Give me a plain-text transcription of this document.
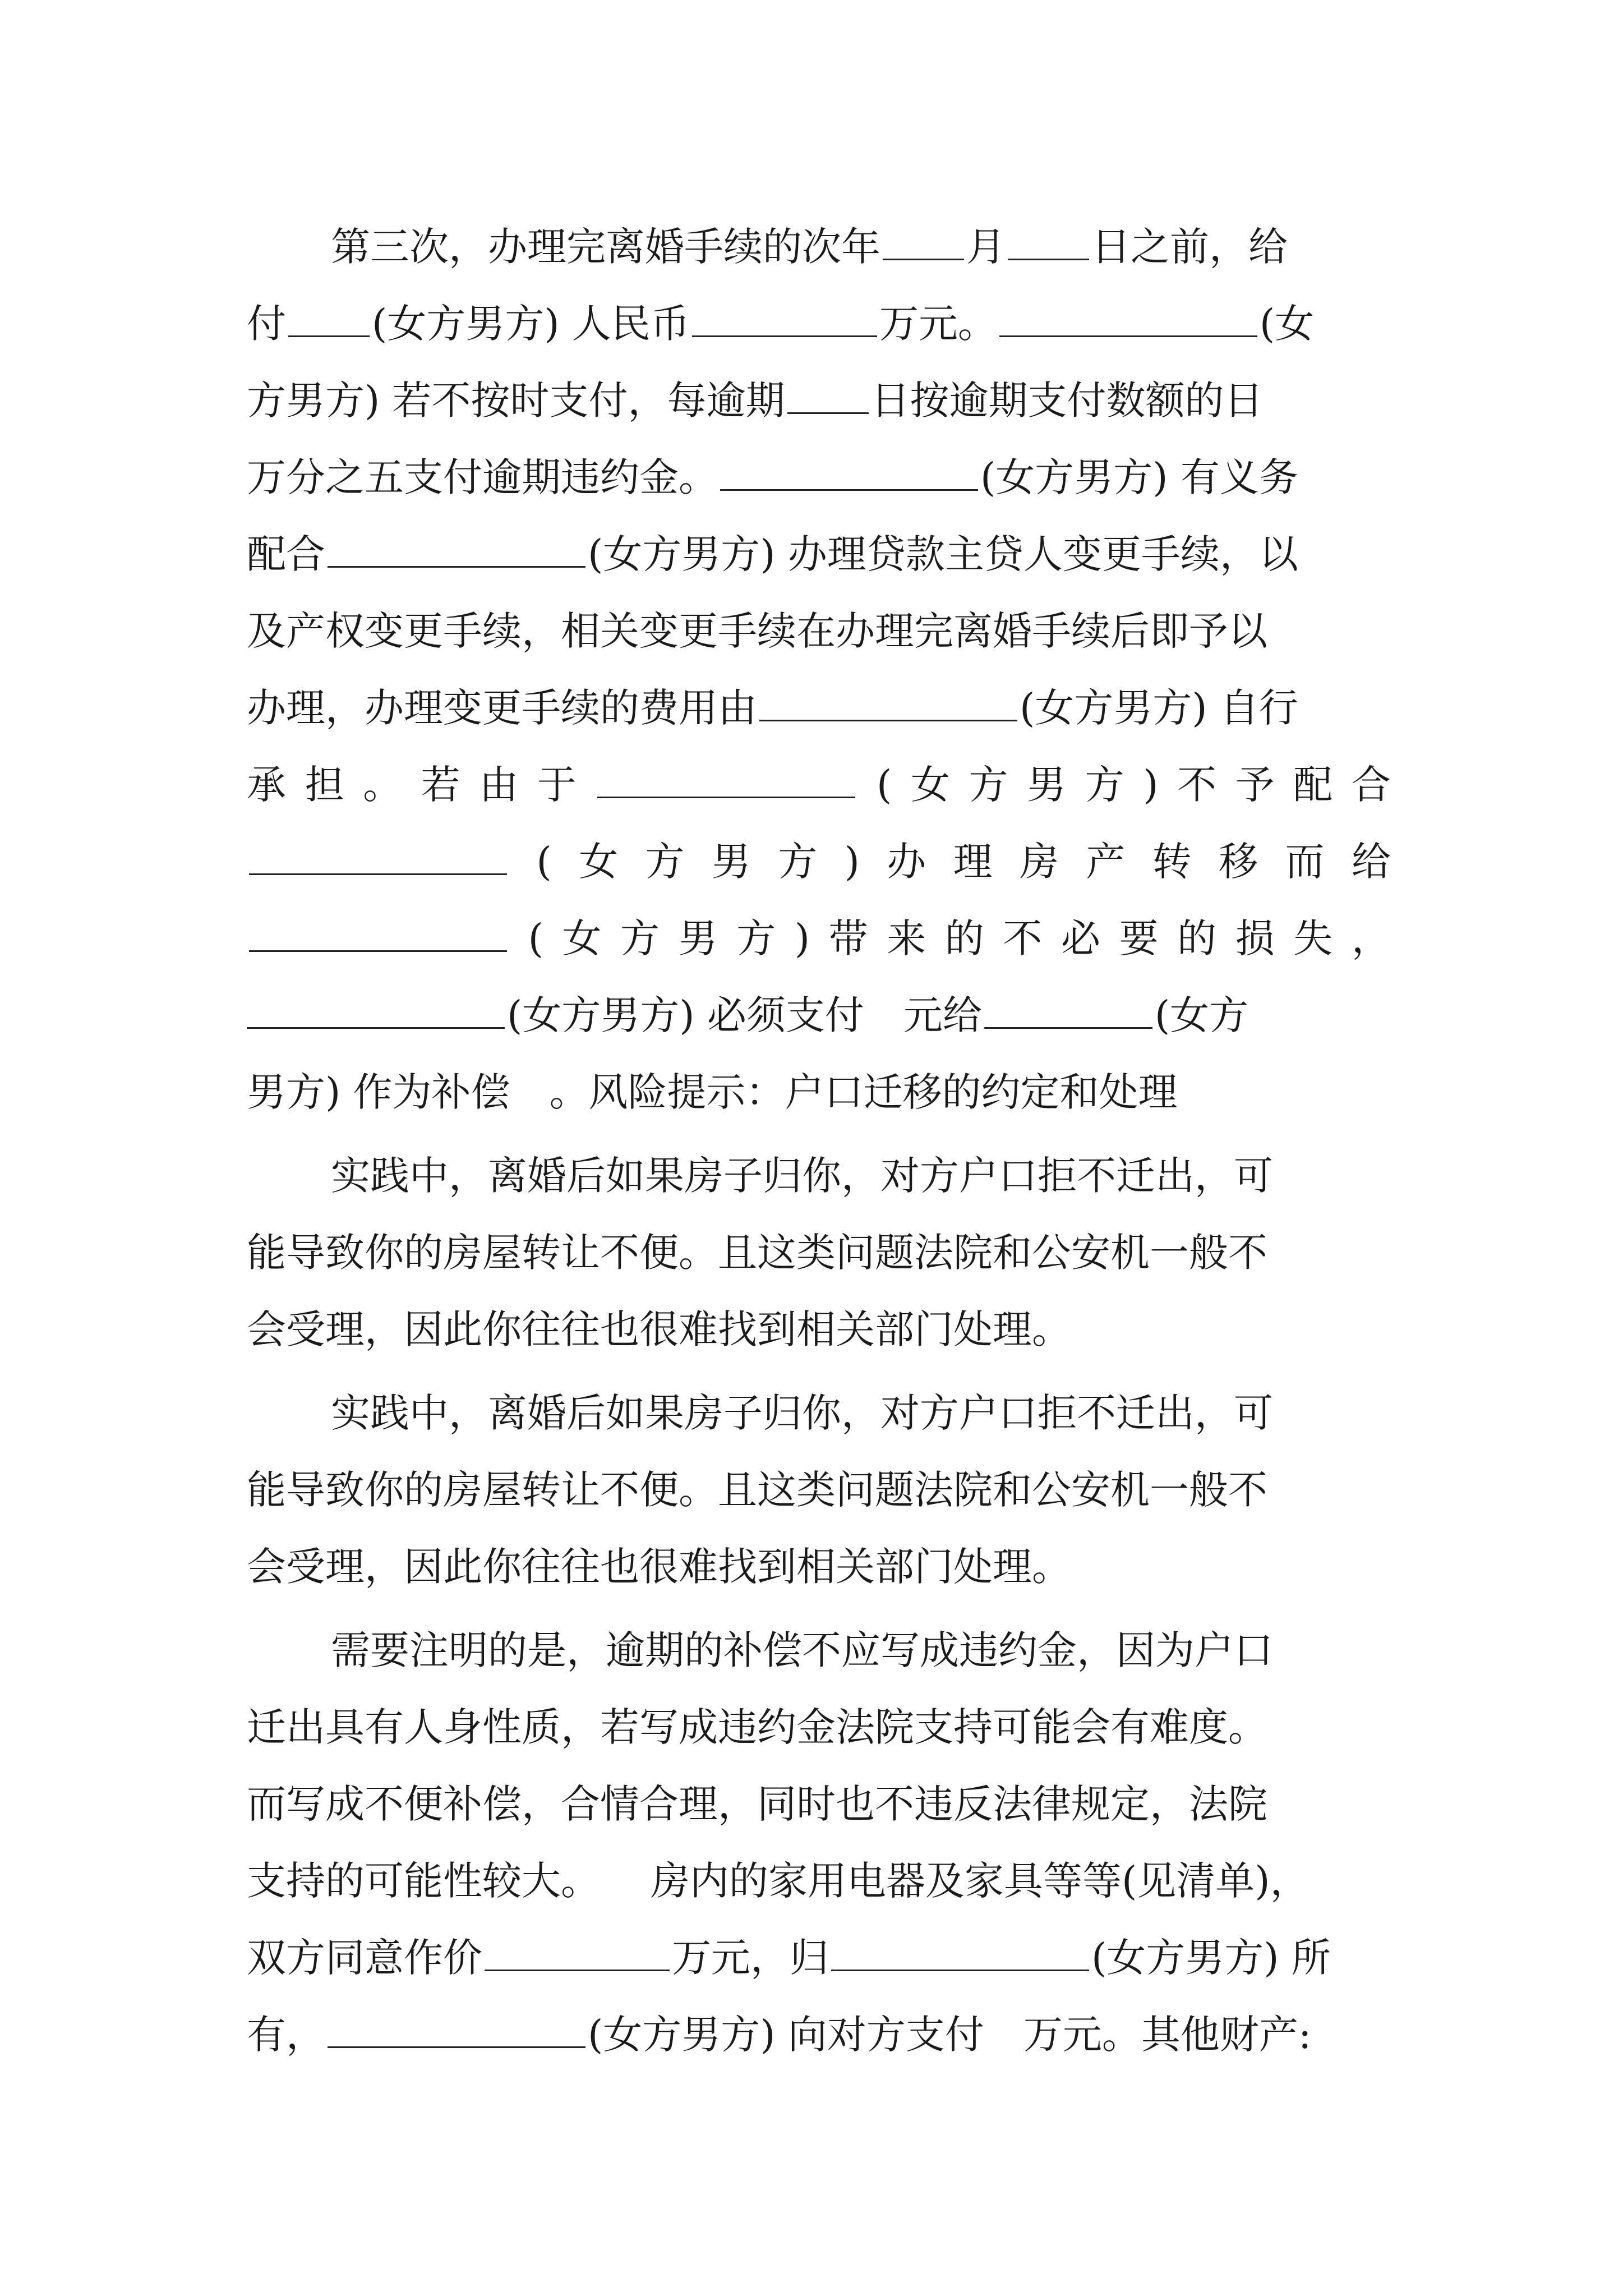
第三次，办理完离婚手续的次年 月 日之前，给
付 (女方男方) 人民币	万元。	(女
方男方) 若不按时支付，每逾期 日按逾期支付数额的日
万分之五支付逾期违约金。	(女方男方) 有义务
配合	(女方男方) 办理贷款主贷人变更手续，以
及产权变更手续，相关变更手续在办理完离婚手续后即予以
办理，办理变更手续的费用由	(女方男方) 自行
承 担 。 若 由 于	( 女 方 男 方 ) 不 予 配 合
( 女 方 男 方 ) 办 理 房 产 转 移 而 给
( 女 方 男 方 ) 带 来 的 不 必 要 的 损 失 ，
(女方男方) 必须支付 元给	(女方
男方) 作为补偿 。风险提示：户口迁移的约定和处理
实践中，离婚后如果房子归你，对方户口拒不迁出，可
能导致你的房屋转让不便。且这类问题法院和公安机一般不
会受理，因此你往往也很难找到相关部门处理。
实践中，离婚后如果房子归你，对方户口拒不迁出，可
能导致你的房屋转让不便。且这类问题法院和公安机一般不
会受理，因此你往往也很难找到相关部门处理。
需要注明的是，逾期的补偿不应写成违约金，因为户口
迁出具有人身性质，若写成违约金法院支持可能会有难度。
而写成不便补偿，合情合理，同时也不违反法律规定，法院
支持的可能性较大。 房内的家用电器及家具等等(见清单)，
双方同意作价	万元，归	(女方男方) 所
有，	(女方男方) 向对方支付 万元。其他财产:
